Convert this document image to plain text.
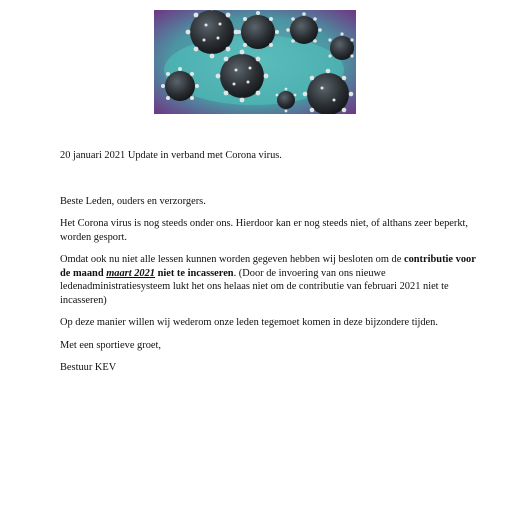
20 januari 2021 Update in verband met Corona virus.

Beste Leden, ouders en verzorgers.

Het Corona virus is nog steeds onder ons. Hierdoor kan er nog steeds niet, of althans zeer beperkt, worden gesport.

Omdat ook nu niet alle lessen kunnen worden gegeven hebben wij besloten om de contributie voor de maand maart 2021 niet te incasseren. (Door de invoering van ons nieuwe ledenadministratiesysteem lukt het ons helaas niet om de contributie van februari 2021 niet te incasseren)

Op deze manier willen wij wederom onze leden tegemoet komen in deze bijzondere tijden.

Met een sportieve groet,

Bestuur KEV
